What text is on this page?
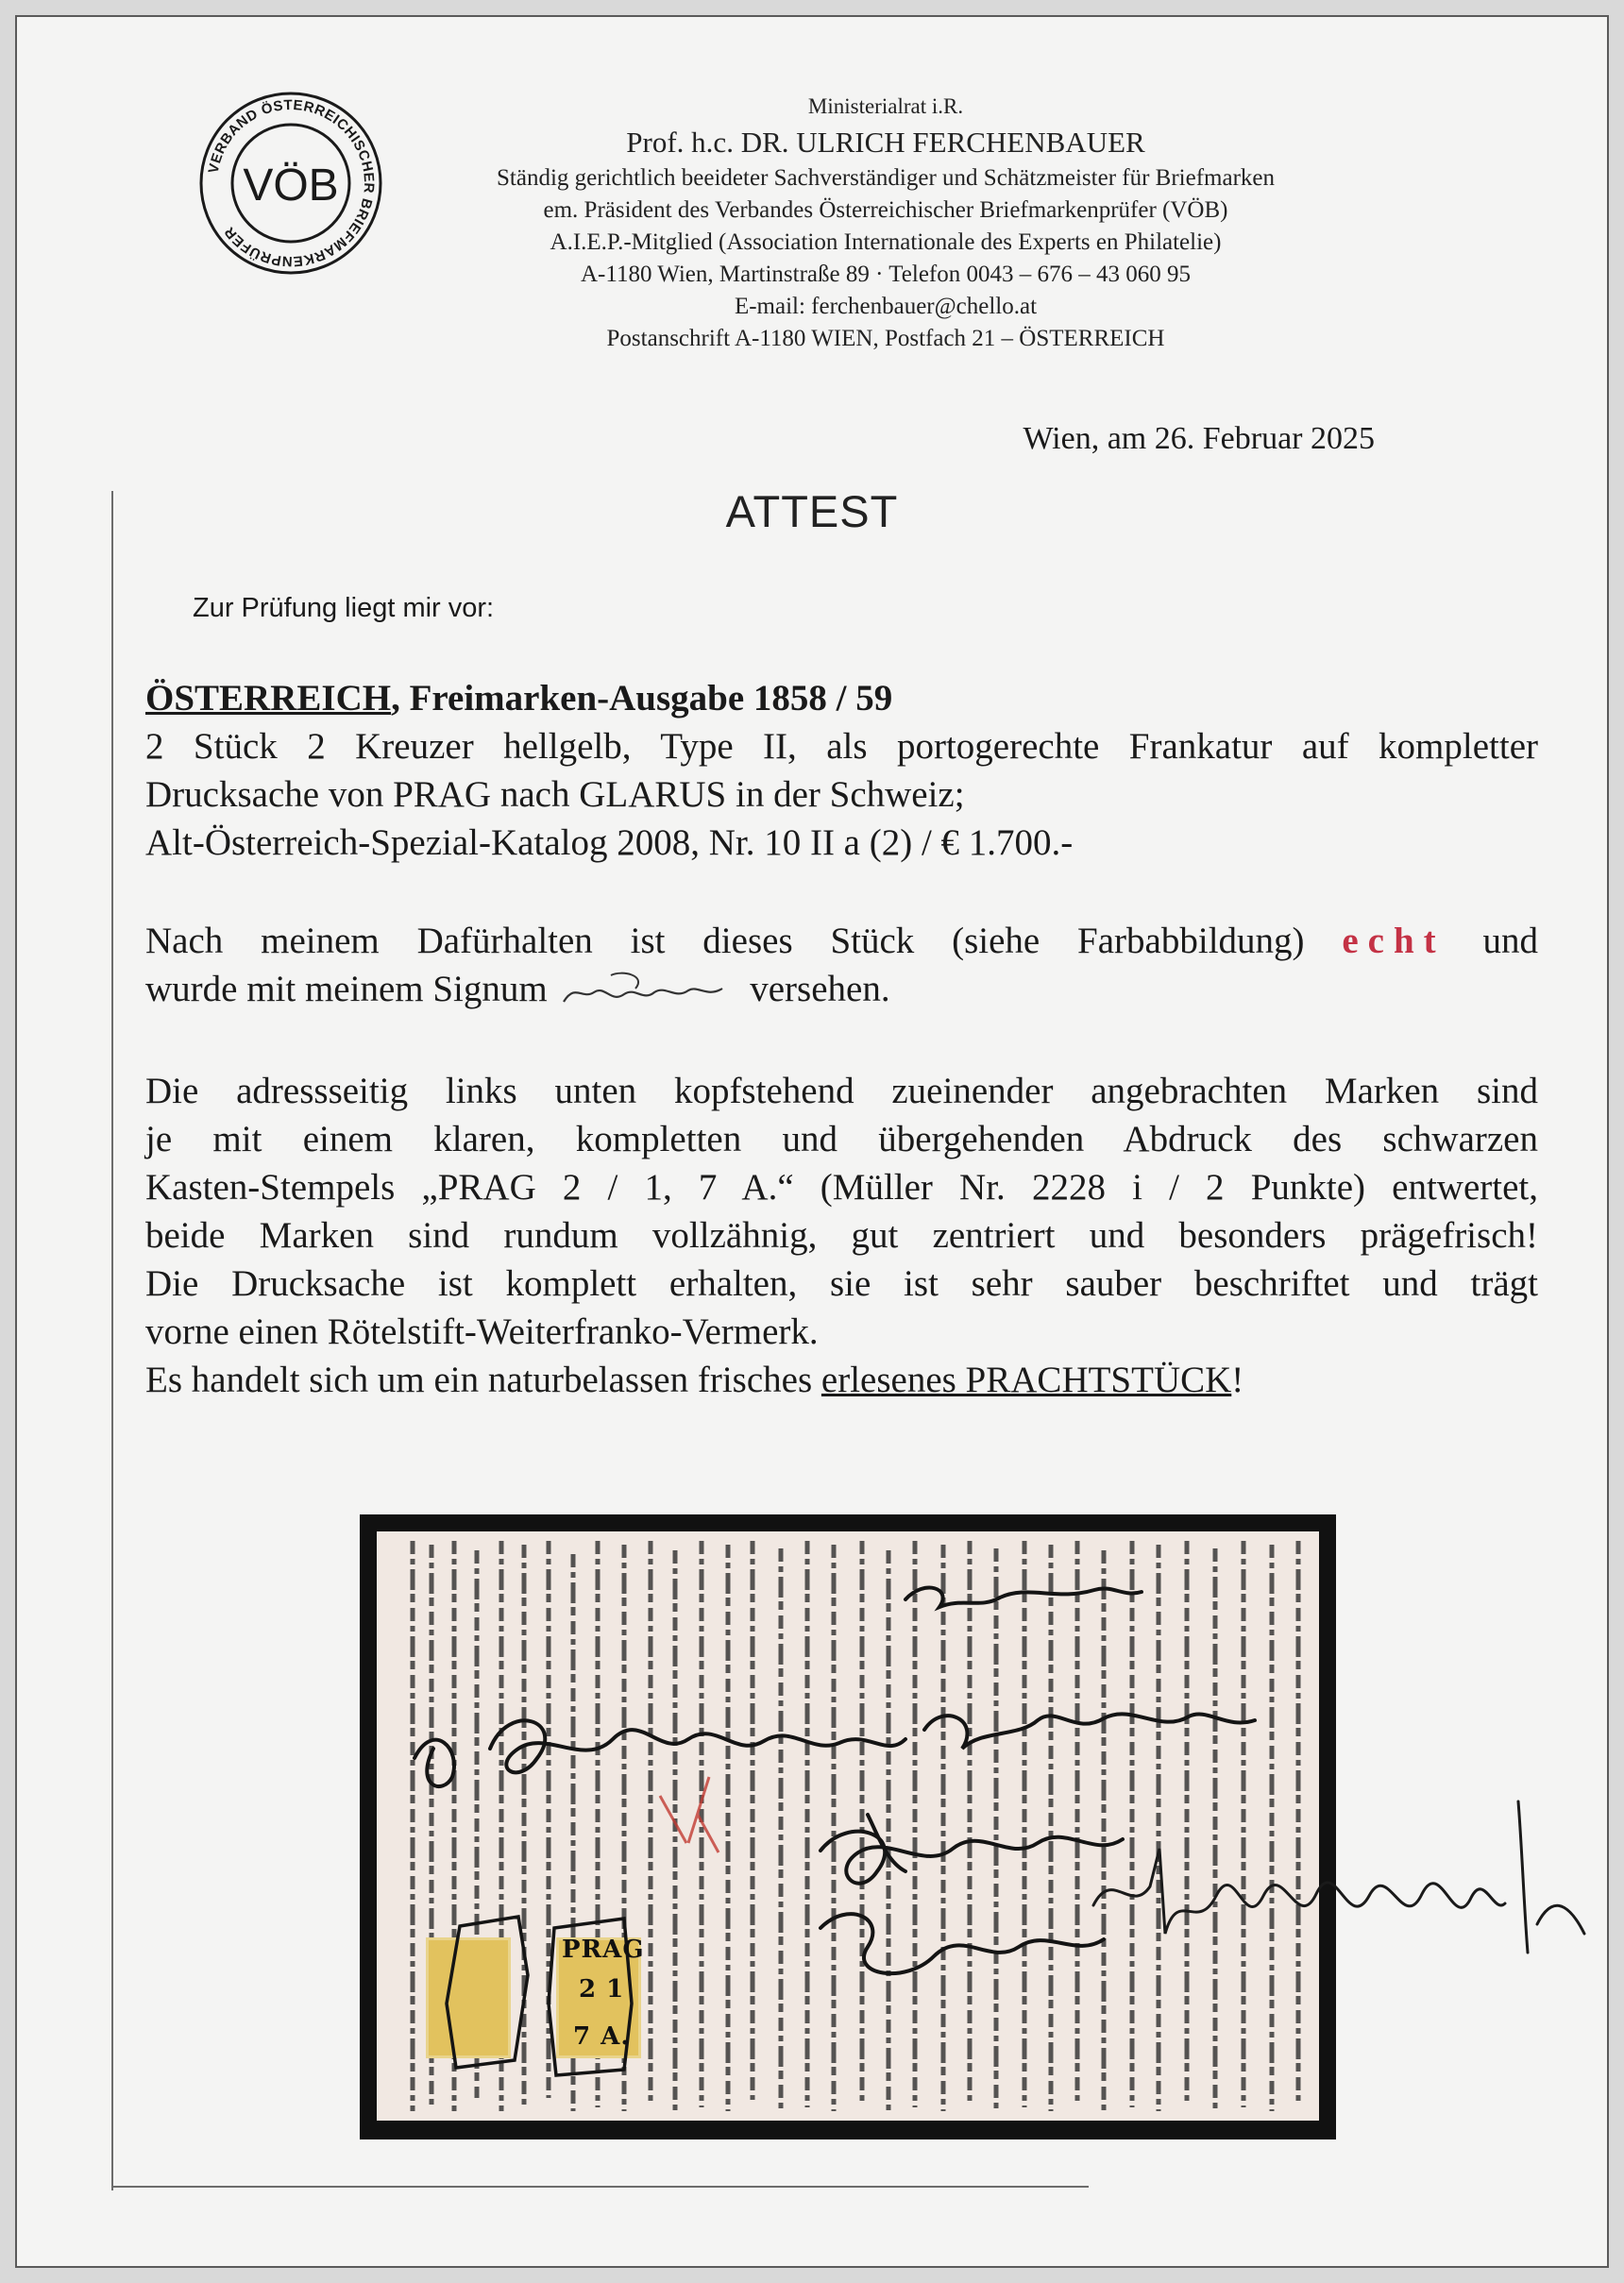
VERBAND ÖSTERREICHISCHER BRIEFMARKENPRÜFER
VÖB
Ministerialrat i.R.
Prof. h.c. DR. ULRICH FERCHENBAUER
Ständig gerichtlich beeideter Sachverständiger und Schätzmeister für Briefmarken
em. Präsident des Verbandes Österreichischer Briefmarkenprüfer (VÖB)
A.I.E.P.-Mitglied (Association Internationale des Experts en Philatelie)
A-1180 Wien, Martinstraße 89 · Telefon 0043 – 676 – 43 060 95
E-mail: ferchenbauer@chello.at
Postanschrift A-1180 WIEN, Postfach 21 – ÖSTERREICH
Wien, am 26. Februar 2025
ATTEST
Zur Prüfung liegt mir vor:
ÖSTERREICH, Freimarken-Ausgabe 1858 / 59
2 Stück 2 Kreuzer hellgelb, Type II, als portogerechte Frankatur auf kompletter
Drucksache von PRAG nach GLARUS in der Schweiz;
Alt-Österreich-Spezial-Katalog 2008, Nr. 10 II a (2) / € 1.700.-
Nach meinem Dafürhalten ist dieses Stück (siehe Farbabbildung) echt und
wurde mit meinem Signum	versehen.
Die adressseitig links unten kopfstehend zueinender angebrachten Marken sind
je mit einem klaren, kompletten und übergehenden Abdruck des schwarzen
Kasten-Stempels „PRAG 2 / 1, 7 A.“ (Müller Nr. 2228 i / 2 Punkte) entwertet,
beide Marken sind rundum vollzähnig, gut zentriert und besonders prägefrisch!
Die Drucksache ist komplett erhalten, sie ist sehr sauber beschriftet und trägt
vorne einen Rötelstift-Weiterfranko-Vermerk.
Es handelt sich um ein naturbelassen frisches erlesenes PRACHTSTÜCK!
PRAG
2 1
7 A.
